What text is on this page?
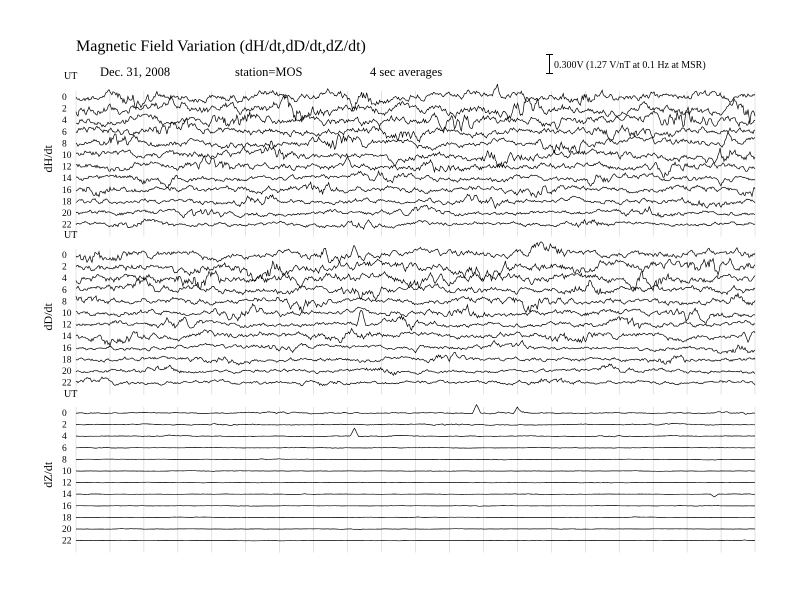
UT
dH/dt
0
2
4
6
8
10
12
14
16
18
20
22
UT
dD/dt
0
2
4
6
8
10
12
14
16
18
20
22
UT
dZ/dt
0
2
4
6
8
10
12
14
16
18
20
22
Magnetic Field Variation (dH/dt,dD/dt,dZ/dt)
Dec. 31, 2008	station=MOS	4 sec averages	0.300V (1.27 V/nT at 0.1 Hz at MSR)
